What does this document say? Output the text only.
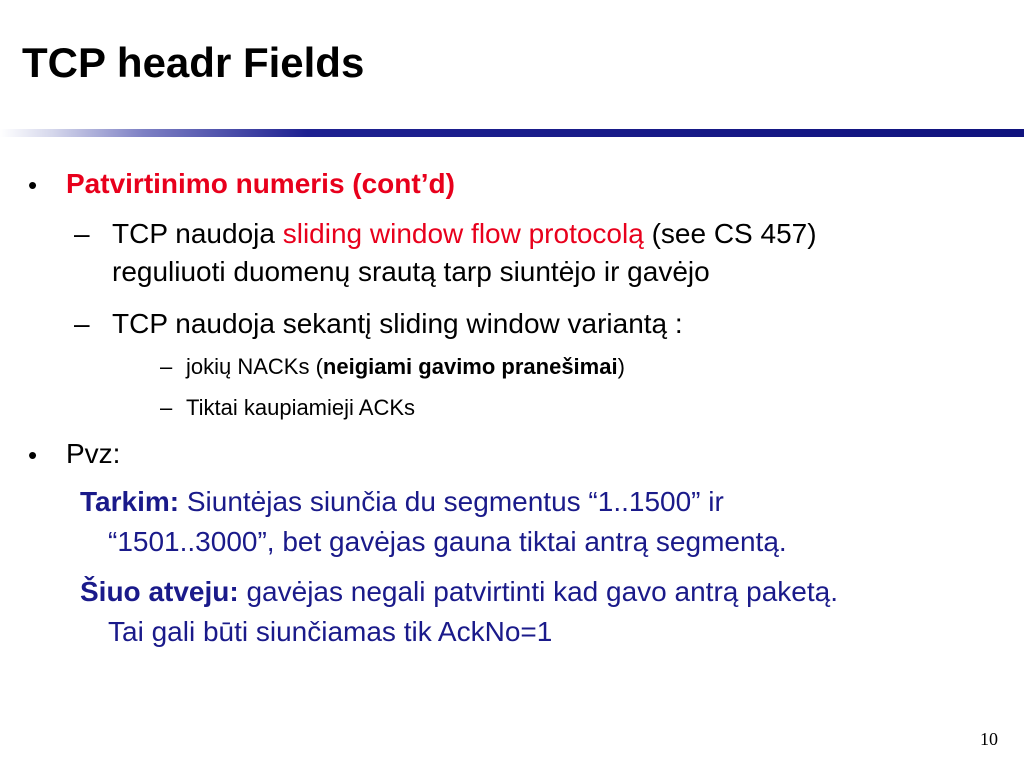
TCP headr Fields
• Patvirtinimo numeris (cont’d)
– TCP naudoja sliding window flow protocolą (see CS 457)
reguliuoti duomenų srautą tarp siuntėjo ir gavėjo
– TCP naudoja sekantį sliding window variantą :
– jokių NACKs (neigiami gavimo pranešimai)
– Tiktai kaupiamieji ACKs
• Pvz:
Tarkim: Siuntėjas siunčia du segmentus “1..1500” ir
“1501..3000”, bet gavėjas gauna tiktai antrą segmentą.
Šiuo atveju: gavėjas negali patvirtinti kad gavo antrą paketą.
Tai gali būti siunčiamas tik AckNo=1
10
